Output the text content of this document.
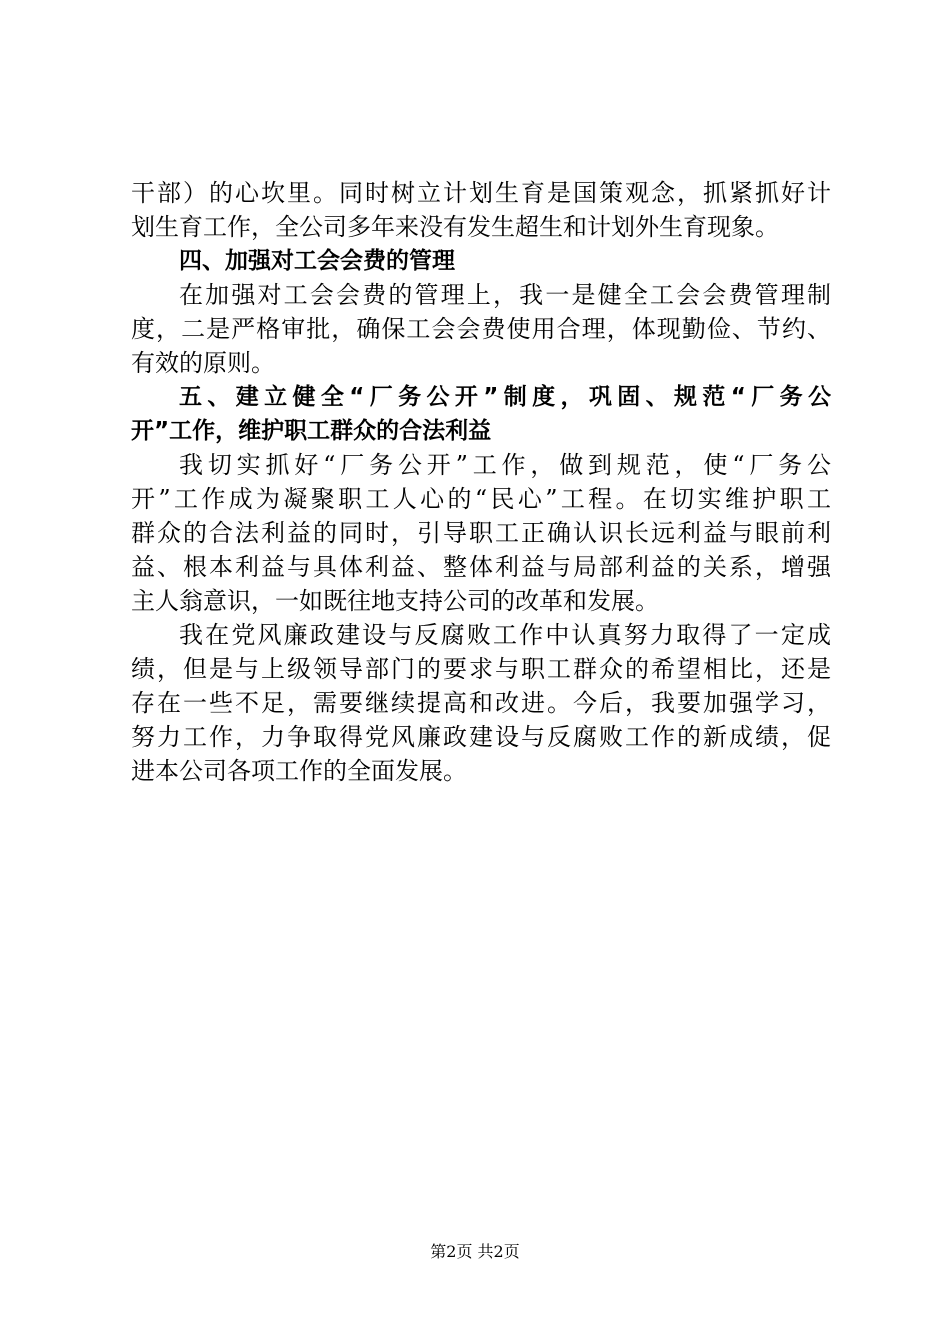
干部）的心坎里。同时树立计划生育是国策观念，抓紧抓好计
划生育工作，全公司多年来没有发生超生和计划外生育现象。
四、加强对工会会费的管理
在加强对工会会费的管理上，我一是健全工会会费管理制
度，二是严格审批，确保工会会费使用合理，体现勤俭、节约、
有效的原则。
五、建立健全“厂务公开”制度，巩固、规范“厂务公
开”工作，维护职工群众的合法利益
我切实抓好“厂务公开”工作，做到规范，使“厂务公
开”工作成为凝聚职工人心的“民心”工程。在切实维护职工
群众的合法利益的同时，引导职工正确认识长远利益与眼前利
益、根本利益与具体利益、整体利益与局部利益的关系，增强
主人翁意识，一如既往地支持公司的改革和发展。
我在党风廉政建设与反腐败工作中认真努力取得了一定成
绩，但是与上级领导部门的要求与职工群众的希望相比，还是
存在一些不足，需要继续提高和改进。今后，我要加强学习，
努力工作，力争取得党风廉政建设与反腐败工作的新成绩，促
进本公司各项工作的全面发展。
第2页 共2页
